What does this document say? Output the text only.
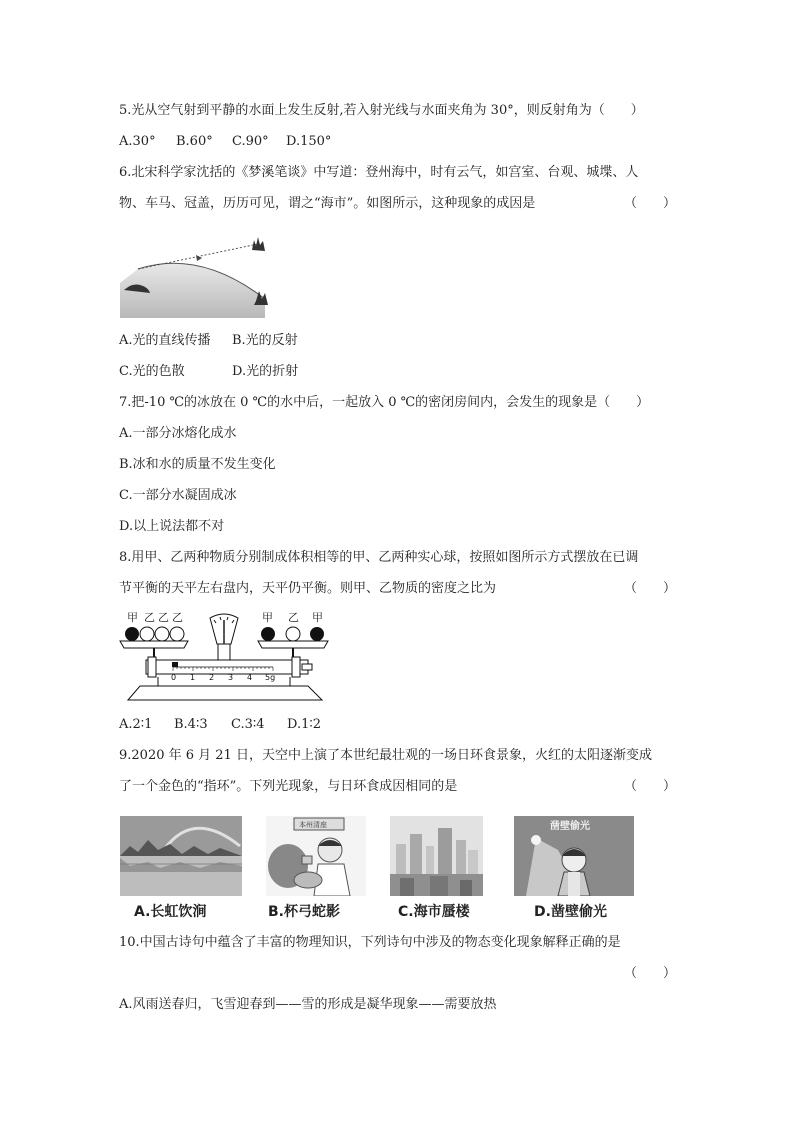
5.光从空气射到平静的水面上发生反射,若入射光线与水面夹角为 30°，则反射角为（　　）
A.30° B.60° C.90° D.150°
6.北宋科学家沈括的《梦溪笔谈》中写道：登州海中，时有云气，如宫室、台观、城堞、人
物、车马、冠盖，历历可见，谓之“海市”。如图所示，这种现象的成因是	（　　）
A.光的直线传播 B.光的反射
C.光的色散	D.光的折射
7.把-10 ℃的冰放在 0 ℃的水中后，一起放入 0 ℃的密闭房间内，会发生的现象是（　　）
A.一部分冰熔化成水
B.冰和水的质量不发生变化
C.一部分水凝固成冰
D.以上说法都不对
8.用甲、乙两种物质分别制成体积相等的甲、乙两种实心球，按照如图所示方式摆放在已调
节平衡的天平左右盘内，天平仍平衡。则甲、乙物质的密度之比为	（　　）
甲 乙 乙 乙	甲 乙 甲
0 1 2 3 4 5g
A.2∶1 B.4∶3 C.3∶4 D.1∶2
9.2020 年 6 月 21 日，天空中上演了本世纪最壮观的一场日环食景象，火红的太阳逐渐变成
了一个金色的“指环”。下列光现象，与日环食成因相同的是	（　　）
A.长虹饮涧
本州清座
B.杯弓蛇影	C.海市蜃楼
凿壁偷光
D.凿壁偷光
10.中国古诗句中蕴含了丰富的物理知识，下列诗句中涉及的物态变化现象解释正确的是
（　　）
A.风雨送春归，飞雪迎春到——雪的形成是凝华现象——需要放热
